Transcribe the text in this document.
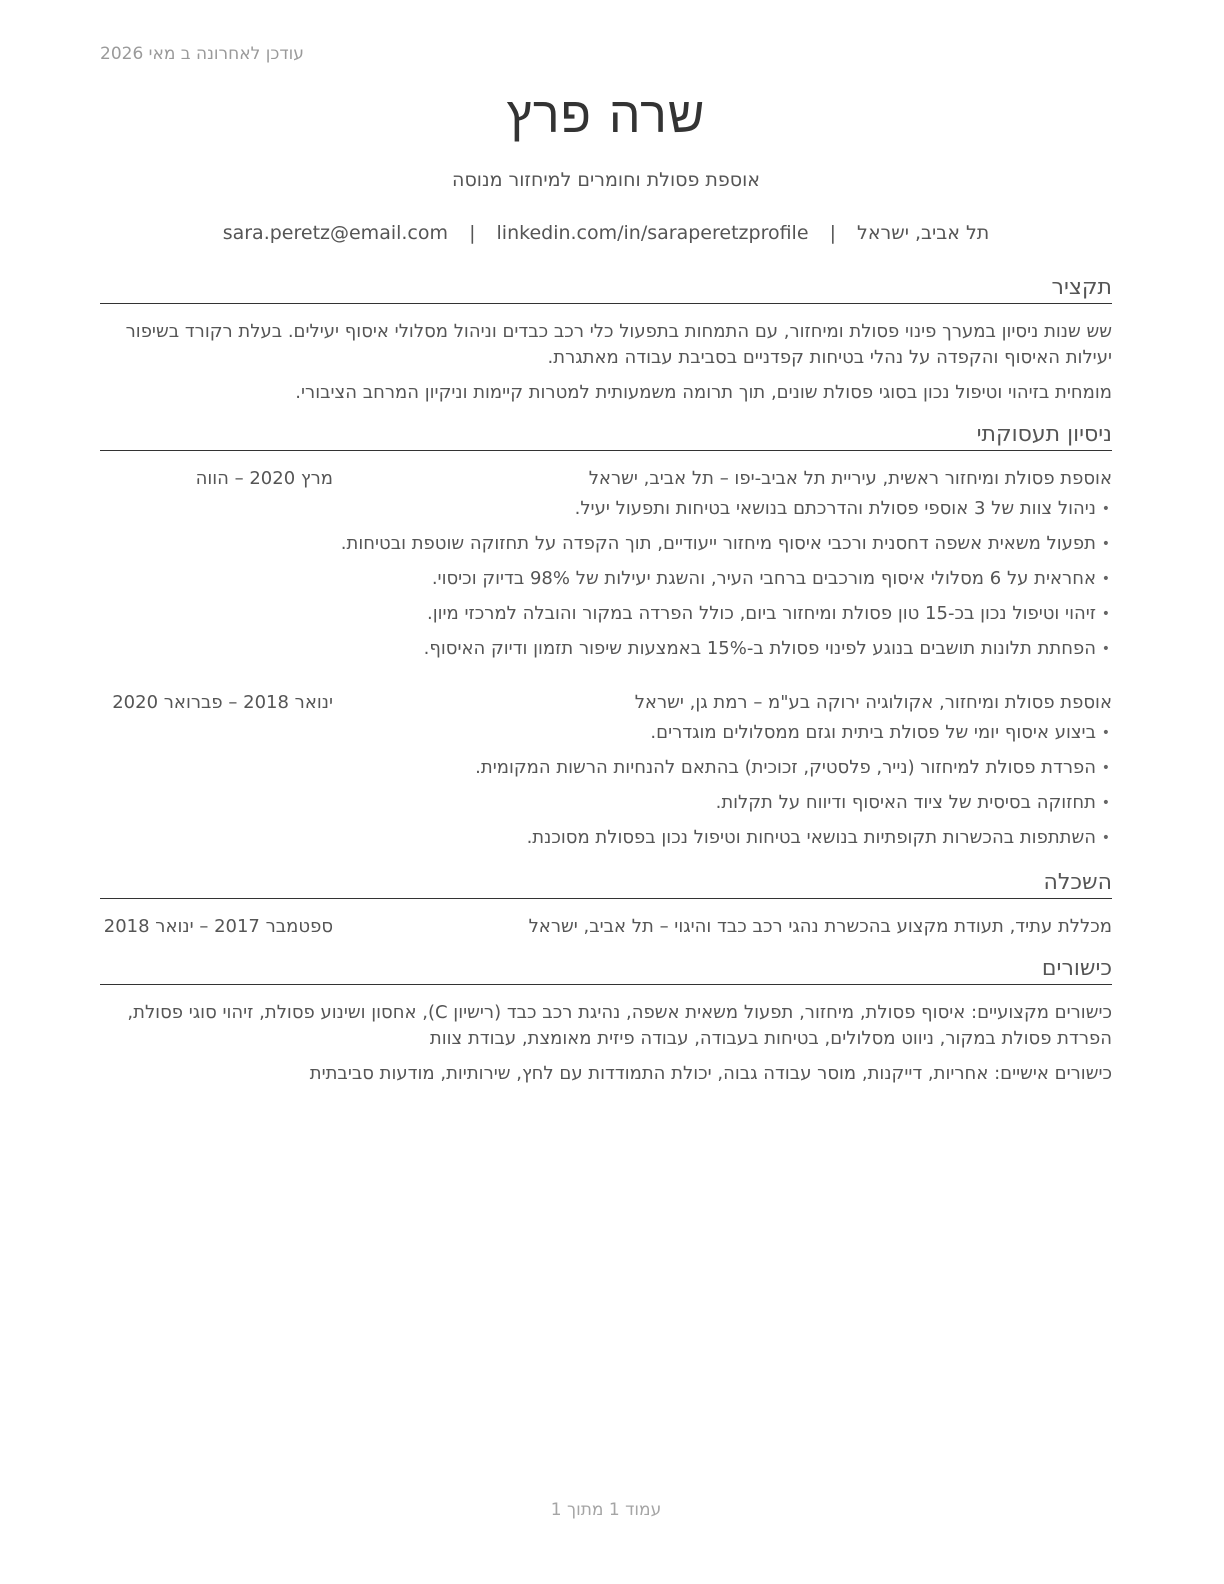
עודכן לאחרונה ב מאי 2026
שרה פרץ
אוספת פסולת וחומרים למיחזור מנוסה
תל אביב, ישראל | sara.peretz@email.com | linkedin.com/in/saraperetzprofile
תקציר

שש שנות ניסיון במערך פינוי פסולת ומיחזור, עם התמחות בתפעול כלי רכב כבדים וניהול מסלולי איסוף יעילים. בעלת רקורד בשיפור יעילות האיסוף והקפדה על נהלי בטיחות קפדניים בסביבת עבודה מאתגרת.

מומחית בזיהוי וטיפול נכון בסוגי פסולת שונים, תוך תרומה משמעותית למטרות קיימות וניקיון המרחב הציבורי.

ניסיון תעסוקתי
אוספת פסולת ומיחזור ראשית, עיריית תל אביב-יפו – תל אביב, ישראל
מרץ 2020 – הווה
• ניהול צוות של 3 אוספי פסולת והדרכתם בנושאי בטיחות ותפעול יעיל.
• תפעול משאית אשפה דחסנית ורכבי איסוף מיחזור ייעודיים, תוך הקפדה על תחזוקה שוטפת ובטיחות.
• אחראית על 6 מסלולי איסוף מורכבים ברחבי העיר, והשגת יעילות של 98% בדיוק וכיסוי.
• זיהוי וטיפול נכון בכ-15 טון פסולת ומיחזור ביום, כולל הפרדה במקור והובלה למרכזי מיון.
• הפחתת תלונות תושבים בנוגע לפינוי פסולת ב-15% באמצעות שיפור תזמון ודיוק האיסוף.
אוספת פסולת ומיחזור, אקולוגיה ירוקה בע"מ – רמת גן, ישראל
ינואר 2018 – פברואר 2020
• ביצוע איסוף יומי של פסולת ביתית וגזם ממסלולים מוגדרים.
• הפרדת פסולת למיחזור (נייר, פלסטיק, זכוכית) בהתאם להנחיות הרשות המקומית.
• תחזוקה בסיסית של ציוד האיסוף ודיווח על תקלות.
• השתתפות בהכשרות תקופתיות בנושאי בטיחות וטיפול נכון בפסולת מסוכנת.
השכלה
מכללת עתיד, תעודת מקצוע בהכשרת נהגי רכב כבד והיגוי – תל אביב, ישראל
ספטמבר 2017 – ינואר 2018
כישורים

כישורים מקצועיים: איסוף פסולת, מיחזור, תפעול משאית אשפה, נהיגת רכב כבד (רישיון C), אחסון ושינוע פסולת, זיהוי סוגי פסולת, הפרדת פסולת במקור, ניווט מסלולים, בטיחות בעבודה, עבודה פיזית מאומצת, עבודת צוות

כישורים אישיים: אחריות, דייקנות, מוסר עבודה גבוה, יכולת התמודדות עם לחץ, שירותיות, מודעות סביבתית

עמוד 1 מתוך 1
